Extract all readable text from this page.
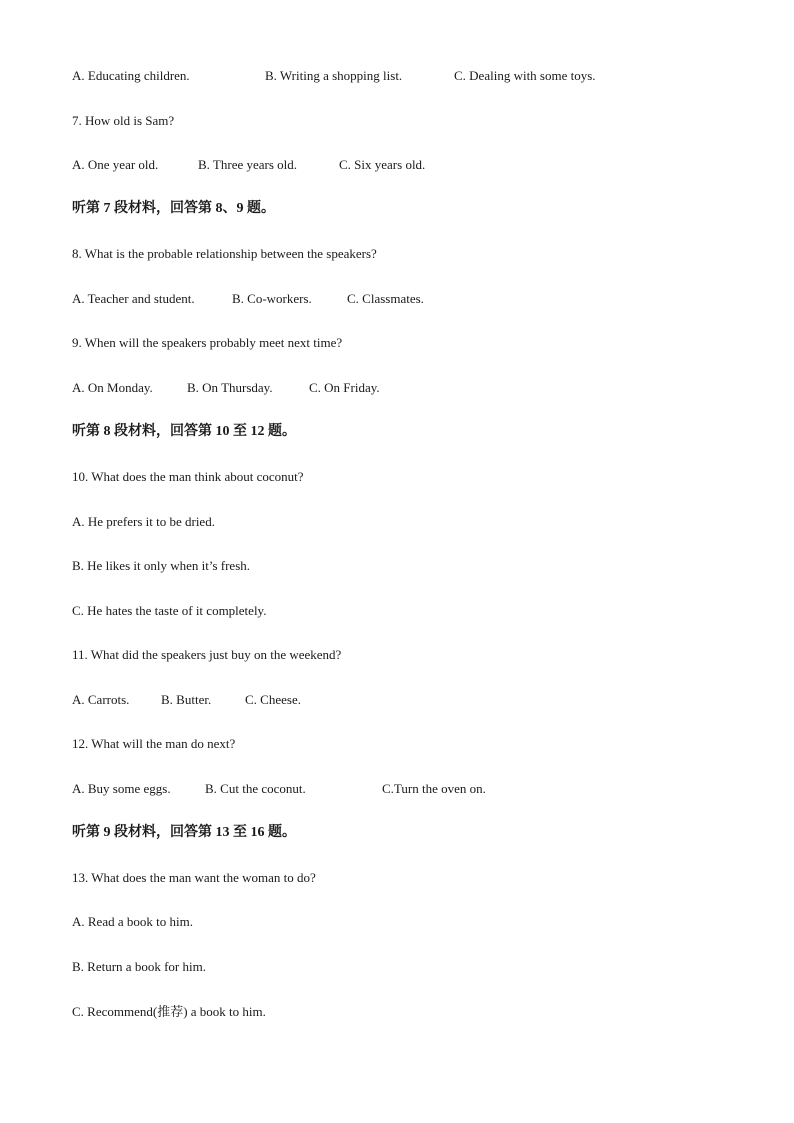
A. Educating children.	B. Writing a shopping list.	C. Dealing with some toys.
7. How old is Sam?
A. One year old.	B. Three years old.	C. Six years old.
听第 7 段材料，回答第 8、9 题。
8. What is the probable relationship between the speakers?
A. Teacher and student.	B. Co-workers.	C. Classmates.
9. When will the speakers probably meet next time?
A. On Monday.	B. On Thursday.	C. On Friday.
听第 8 段材料，回答第 10 至 12 题。
10. What does the man think about coconut?
A. He prefers it to be dried.
B. He likes it only when it’s fresh.
C. He hates the taste of it completely.
11. What did the speakers just buy on the weekend?
A. Carrots. B. Butter.	C. Cheese.
12. What will the man do next?
A. Buy some eggs.	B. Cut the coconut.	C.Turn the oven on.
听第 9 段材料，回答第 13 至 16 题。
13. What does the man want the woman to do?
A. Read a book to him.
B. Return a book for him.
C. Recommend(推荐) a book to him.
